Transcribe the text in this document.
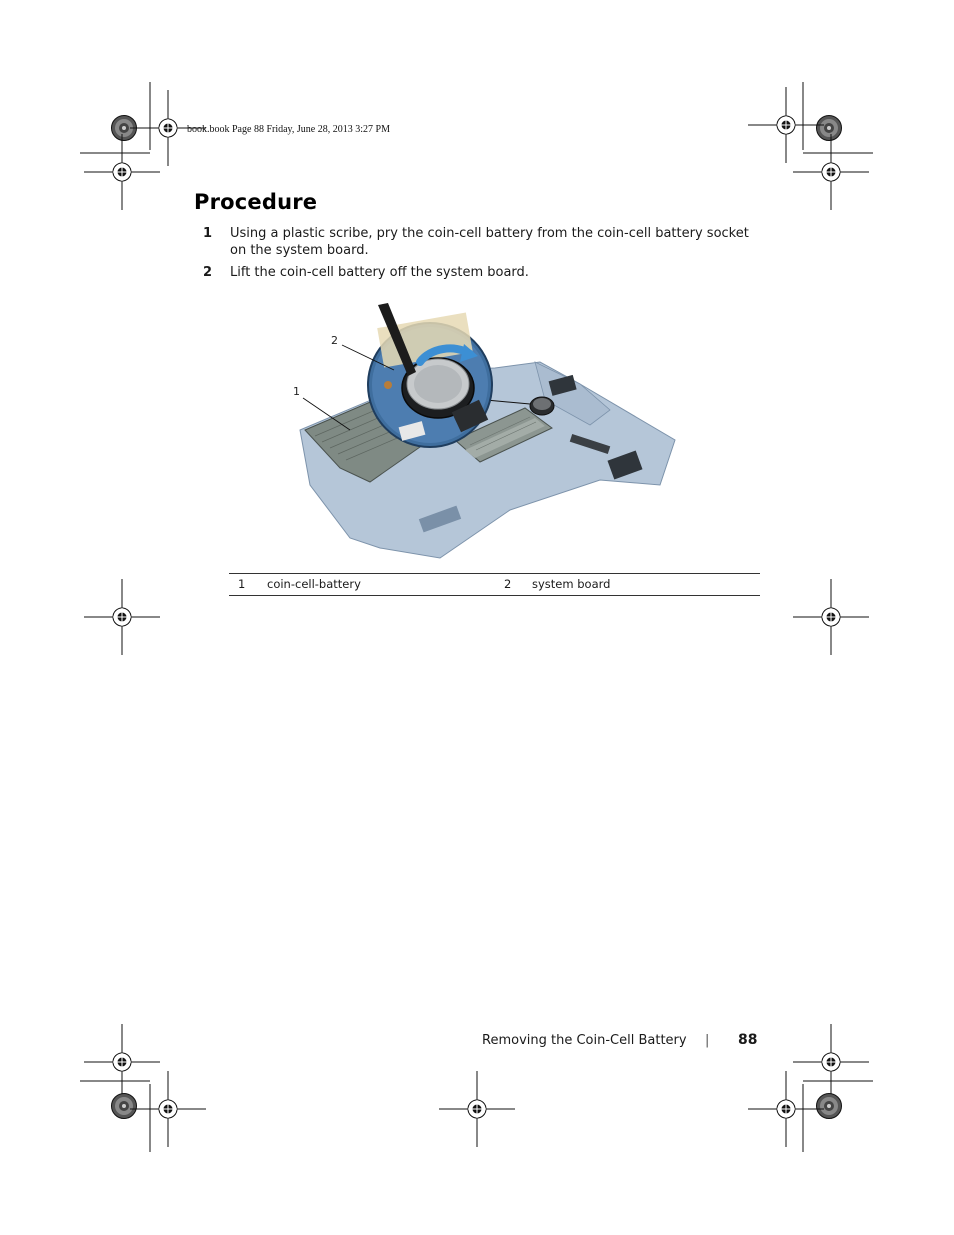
book.book Page 88 Friday, June 28, 2013 3:27 PM
Procedure
1 Using a plastic scribe, pry the coin-cell battery from the coin-cell battery socket on the system board.
2 Lift the coin-cell battery off the system board.
2
1
1 coin-cell-battery	2 system board
Removing the Coin-Cell Battery | 88
